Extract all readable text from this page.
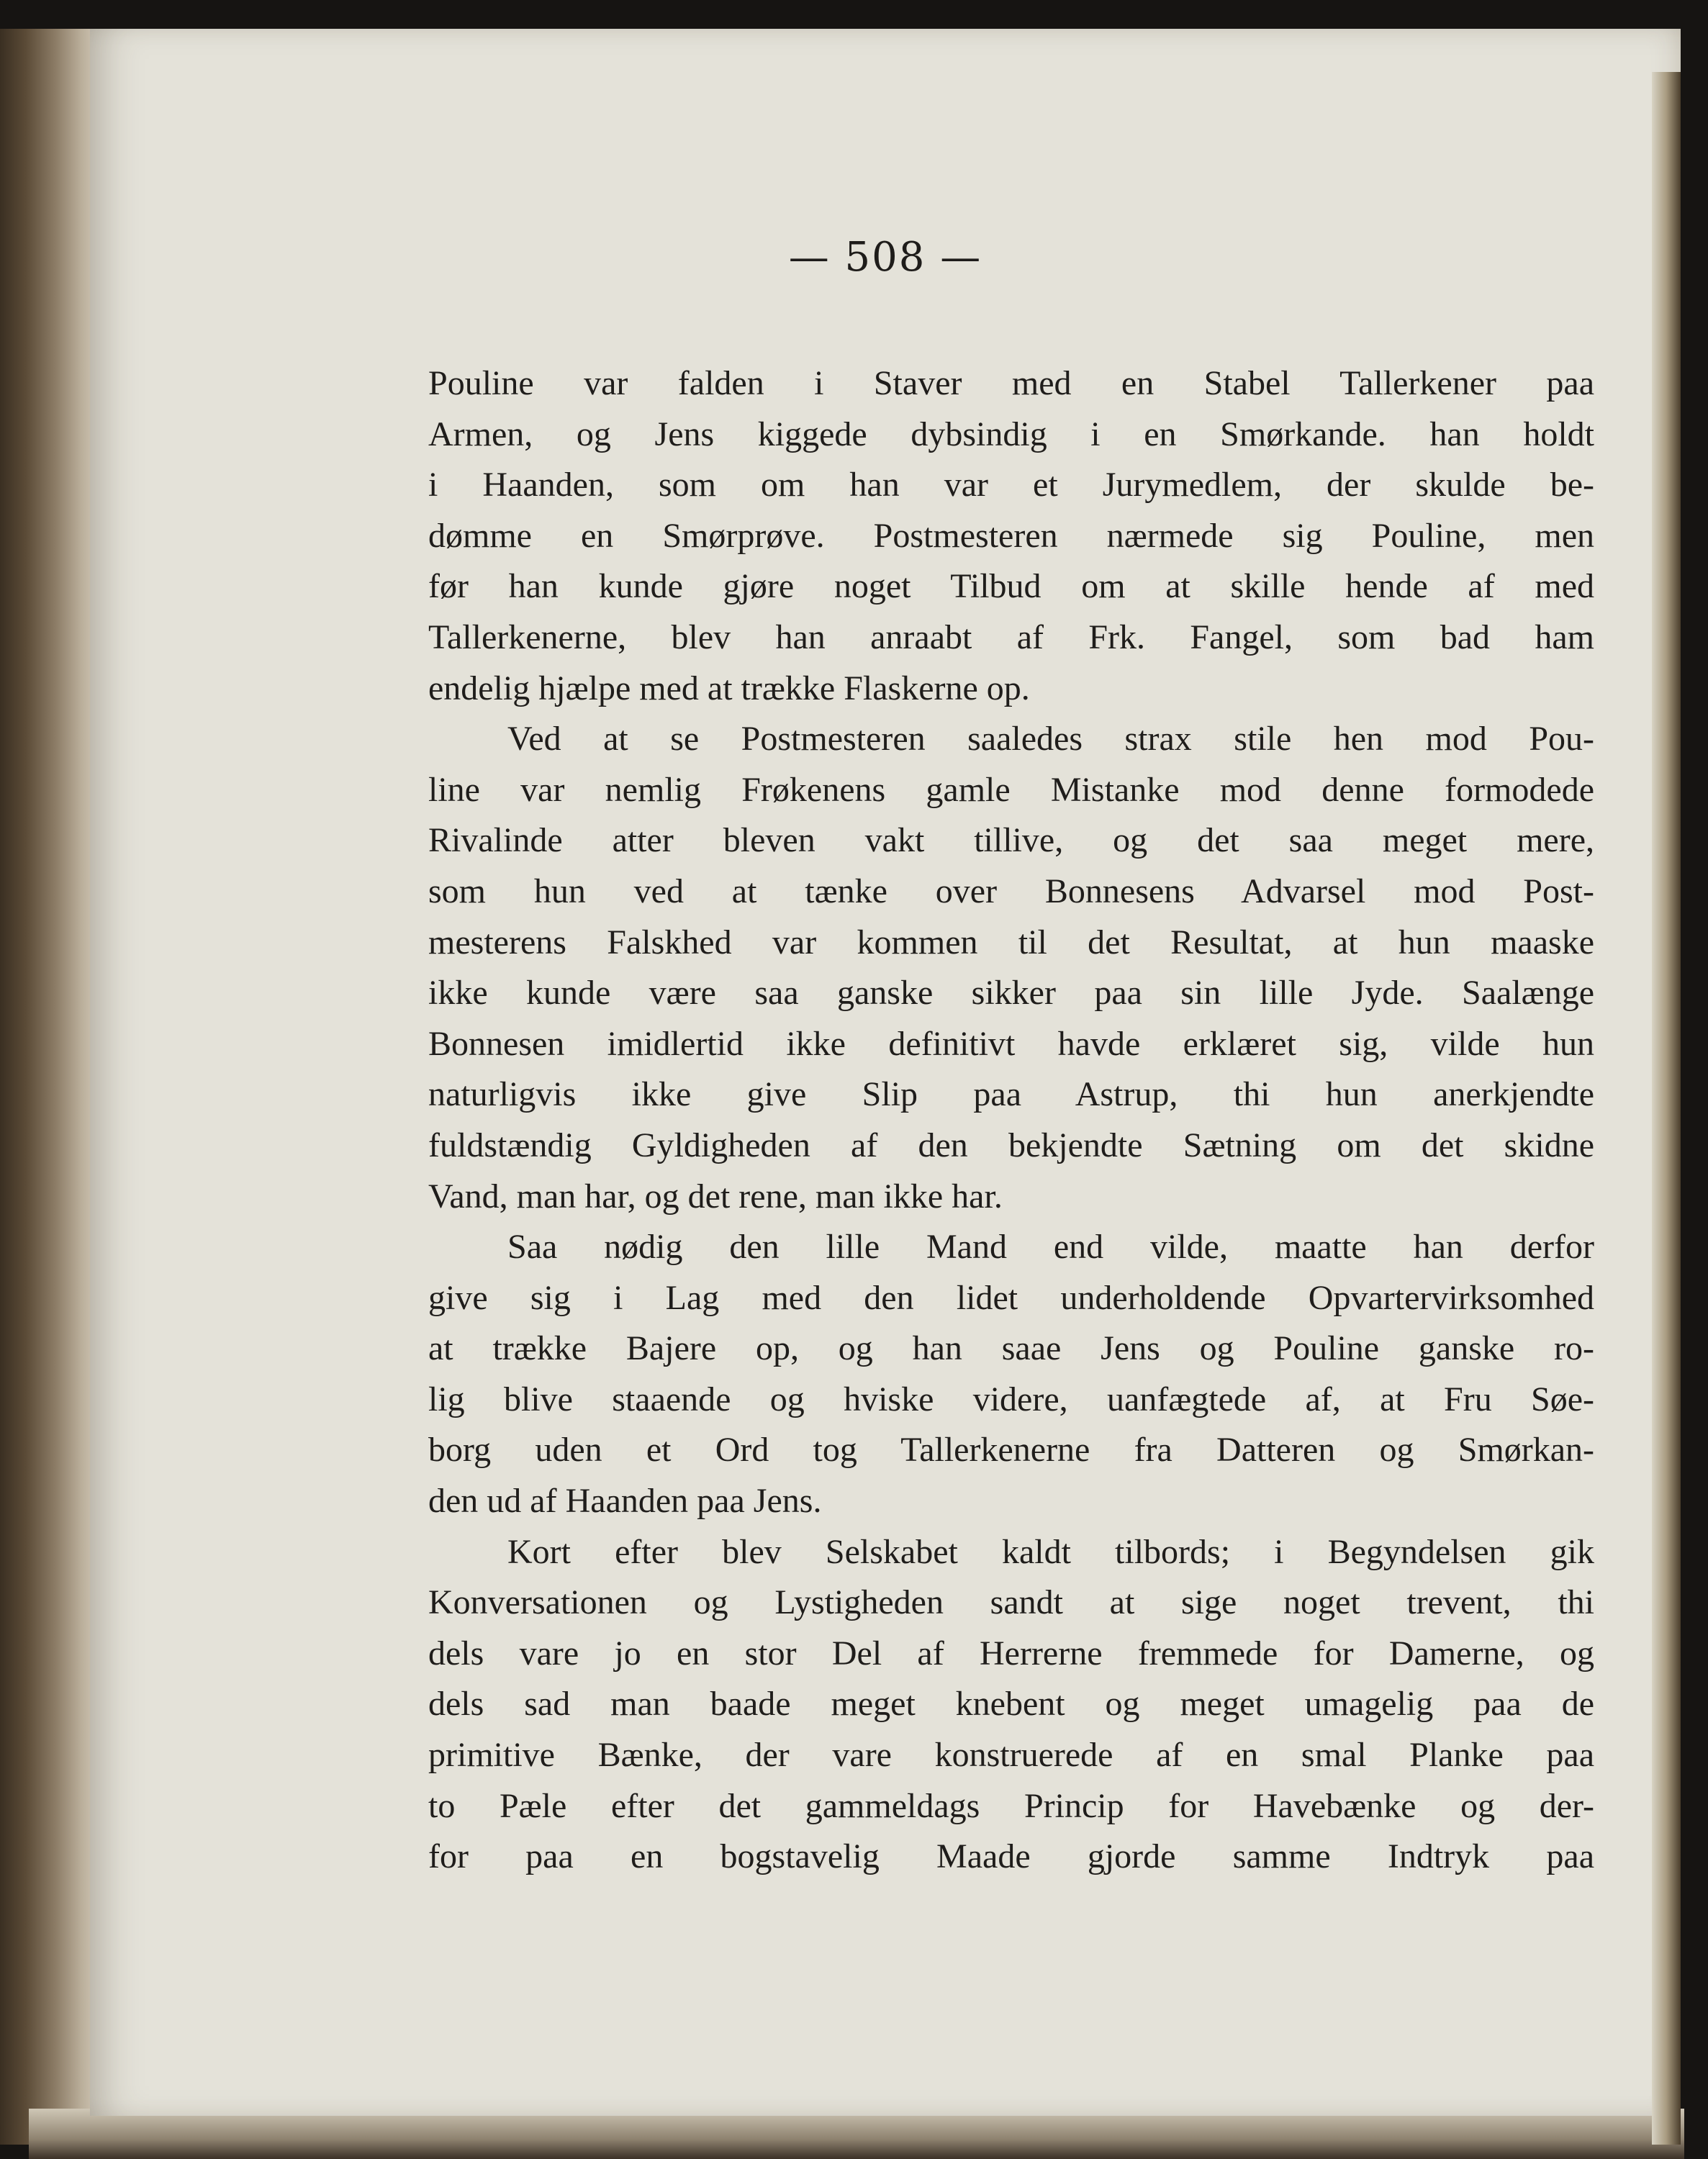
— 508 —
Pouline var falden i Staver med en Stabel Tallerkener paa
Armen, og Jens kiggede dybsindig i en Smørkande. han holdt
i Haanden, som om han var et Jurymedlem, der skulde be-
dømme en Smørprøve. Postmesteren nærmede sig Pouline, men
før han kunde gjøre noget Tilbud om at skille hende af med
Tallerkenerne, blev han anraabt af Frk. Fangel, som bad ham
endelig hjælpe med at trække Flaskerne op.
Ved at se Postmesteren saaledes strax stile hen mod Pou-
line var nemlig Frøkenens gamle Mistanke mod denne formodede
Rivalinde atter bleven vakt tillive, og det saa meget mere,
som hun ved at tænke over Bonnesens Advarsel mod Post-
mesterens Falskhed var kommen til det Resultat, at hun maaske
ikke kunde være saa ganske sikker paa sin lille Jyde. Saalænge
Bonnesen imidlertid ikke definitivt havde erklæret sig, vilde hun
naturligvis ikke give Slip paa Astrup, thi hun anerkjendte
fuldstændig Gyldigheden af den bekjendte Sætning om det skidne
Vand, man har, og det rene, man ikke har.
Saa nødig den lille Mand end vilde, maatte han derfor
give sig i Lag med den lidet underholdende Opvartervirksomhed
at trække Bajere op, og han saae Jens og Pouline ganske ro-
lig blive staaende og hviske videre, uanfægtede af, at Fru Søe-
borg uden et Ord tog Tallerkenerne fra Datteren og Smørkan-
den ud af Haanden paa Jens.
Kort efter blev Selskabet kaldt tilbords; i Begyndelsen gik
Konversationen og Lystigheden sandt at sige noget trevent, thi
dels vare jo en stor Del af Herrerne fremmede for Damerne, og
dels sad man baade meget knebent og meget umagelig paa de
primitive Bænke, der vare konstruerede af en smal Planke paa
to Pæle efter det gammeldags Princip for Havebænke og der-
for paa en bogstavelig Maade gjorde samme Indtryk paa
